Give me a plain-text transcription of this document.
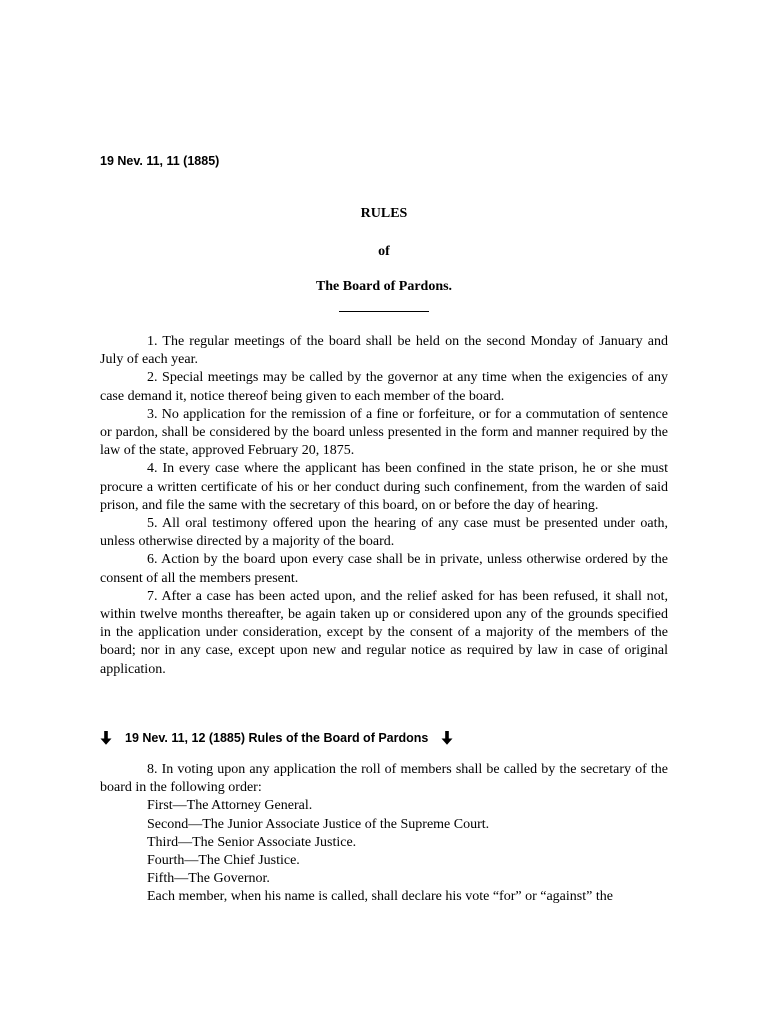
19 Nev. 11, 11 (1885)
RULES
of
The Board of Pardons.

1. The regular meetings of the board shall be held on the second Monday of January and July of each year.

2. Special meetings may be called by the governor at any time when the exigencies of any case demand it, notice thereof being given to each member of the board.

3. No application for the remission of a fine or forfeiture, or for a commutation of sentence or pardon, shall be considered by the board unless presented in the form and manner required by the law of the state, approved February 20, 1875.

4. In every case where the applicant has been confined in the state prison, he or she must procure a written certificate of his or her conduct during such confinement, from the warden of said prison, and file the same with the secretary of this board, on or before the day of hearing.

5. All oral testimony offered upon the hearing of any case must be presented under oath, unless otherwise directed by a majority of the board.

6. Action by the board upon every case shall be in private, unless otherwise ordered by the consent of all the members present.

7. After a case has been acted upon, and the relief asked for has been refused, it shall not, within twelve months thereafter, be again taken up or considered upon any of the grounds specified in the application under consideration, except by the consent of a majority of the members of the board; nor in any case, except upon new and regular notice as required by law in case of original application.

19 Nev. 11, 12 (1885) Rules of the Board of Pardons

8. In voting upon any application the roll of members shall be called by the secretary of the board in the following order:

First—The Attorney General.
Second—The Junior Associate Justice of the Supreme Court.
Third—The Senior Associate Justice.
Fourth—The Chief Justice.
Fifth—The Governor.

Each member, when his name is called, shall declare his vote “for” or “against” the
